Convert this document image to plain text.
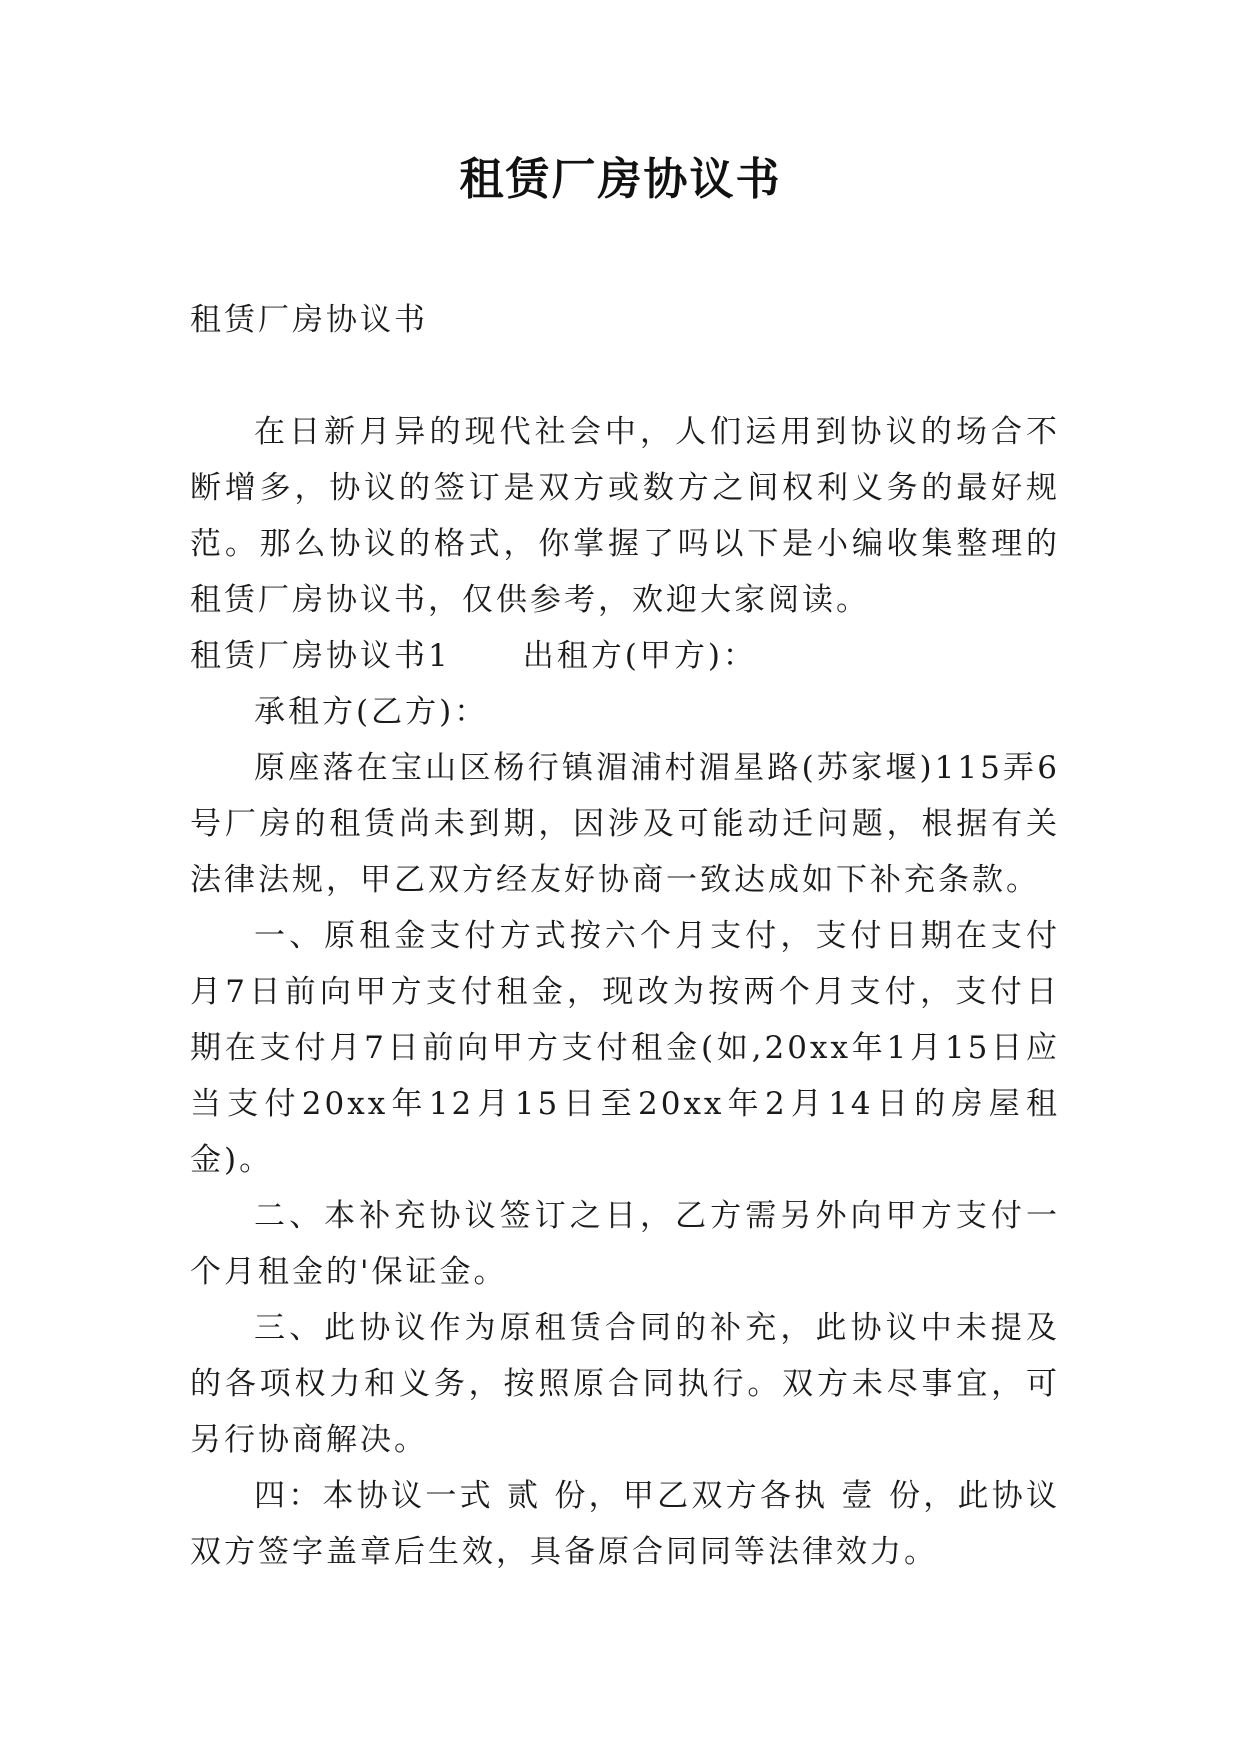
租赁厂房协议书

租赁厂房协议书

在日新月异的现代社会中，人们运用到协议的场合不断增多，协议的签订是双方或数方之间权利义务的最好规范。那么协议的格式，你掌握了吗以下是小编收集整理的租赁厂房协议书，仅供参考，欢迎大家阅读。

租赁厂房协议书1 出租方(甲方)：

承租方(乙方)：

原座落在宝山区杨行镇湄浦村湄星路(苏家堰)115弄6号厂房的租赁尚未到期，因涉及可能动迁问题，根据有关法律法规，甲乙双方经友好协商一致达成如下补充条款。

一、原租金支付方式按六个月支付，支付日期在支付月7日前向甲方支付租金，现改为按两个月支付，支付日期在支付月7日前向甲方支付租金(如,20xx年1月15日应当支付20xx年12月15日至20xx年2月14日的房屋租金)。

二、本补充协议签订之日，乙方需另外向甲方支付一个月租金的'保证金。

三、此协议作为原租赁合同的补充，此协议中未提及的各项权力和义务，按照原合同执行。双方未尽事宜，可另行协商解决。

四：本协议一式 贰 份，甲乙双方各执 壹 份，此协议双方签字盖章后生效，具备原合同同等法律效力。
